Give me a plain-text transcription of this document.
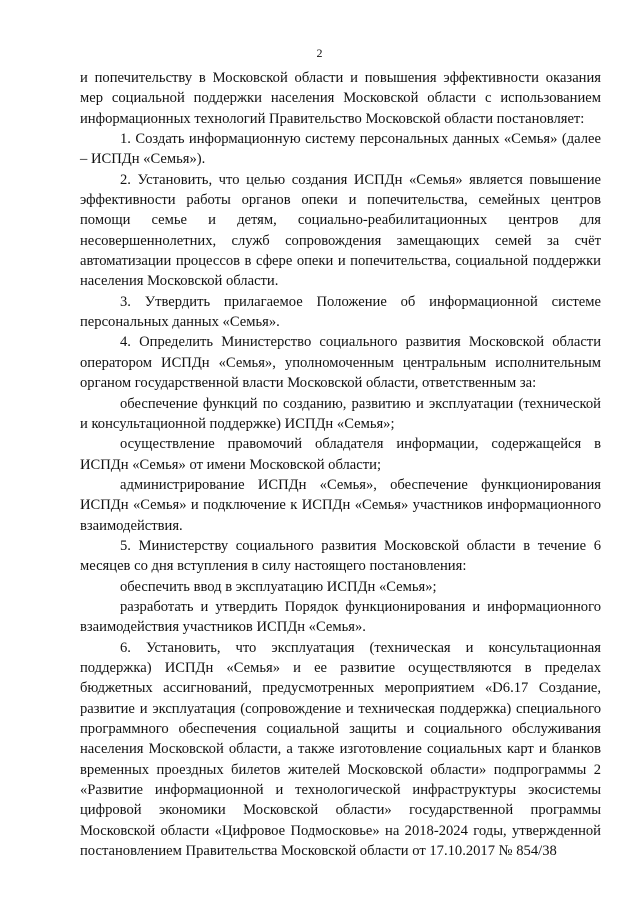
2

и попечительству в Московской области и повышения эффективности оказания мер социальной поддержки населения Московской области с использованием информационных технологий Правительство Московской области постановляет:

1. Создать информационную систему персональных данных «Семья» (далее – ИСПДн «Семья»).

2. Установить, что целью создания ИСПДн «Семья» является повышение эффективности работы органов опеки и попечительства, семейных центров помощи семье и детям, социально-реабилитационных центров для несовершеннолетних, служб сопровождения замещающих семей за счёт автоматизации процессов в сфере опеки и попечительства, социальной поддержки населения Московской области.

3. Утвердить прилагаемое Положение об информационной системе персональных данных «Семья».

4. Определить Министерство социального развития Московской области оператором ИСПДн «Семья», уполномоченным центральным исполнительным органом государственной власти Московской области, ответственным за:

обеспечение функций по созданию, развитию и эксплуатации (технической и консультационной поддержке) ИСПДн «Семья»;

осуществление правомочий обладателя информации, содержащейся в ИСПДн «Семья» от имени Московской области;

администрирование ИСПДн «Семья», обеспечение функционирования ИСПДн «Семья» и подключение к ИСПДн «Семья» участников информационного взаимодействия.

5. Министерству социального развития Московской области в течение 6 месяцев со дня вступления в силу настоящего постановления:

обеспечить ввод в эксплуатацию ИСПДн «Семья»;

разработать и утвердить Порядок функционирования и информационного взаимодействия участников ИСПДн «Семья».

6. Установить, что эксплуатация (техническая и консультационная поддержка) ИСПДн «Семья» и ее развитие осуществляются в пределах бюджетных ассигнований, предусмотренных мероприятием «D6.17 Создание, развитие и эксплуатация (сопровождение и техническая поддержка) специального программного обеспечения социальной защиты и социального обслуживания населения Московской области, а также изготовление социальных карт и бланков временных проездных билетов жителей Московской области» подпрограммы 2 «Развитие информационной и технологической инфраструктуры экосистемы цифровой экономики Московской области» государственной программы Московской области «Цифровое Подмосковье» на 2018-2024 годы, утвержденной постановлением Правительства Московской области от 17.10.2017 № 854/38
